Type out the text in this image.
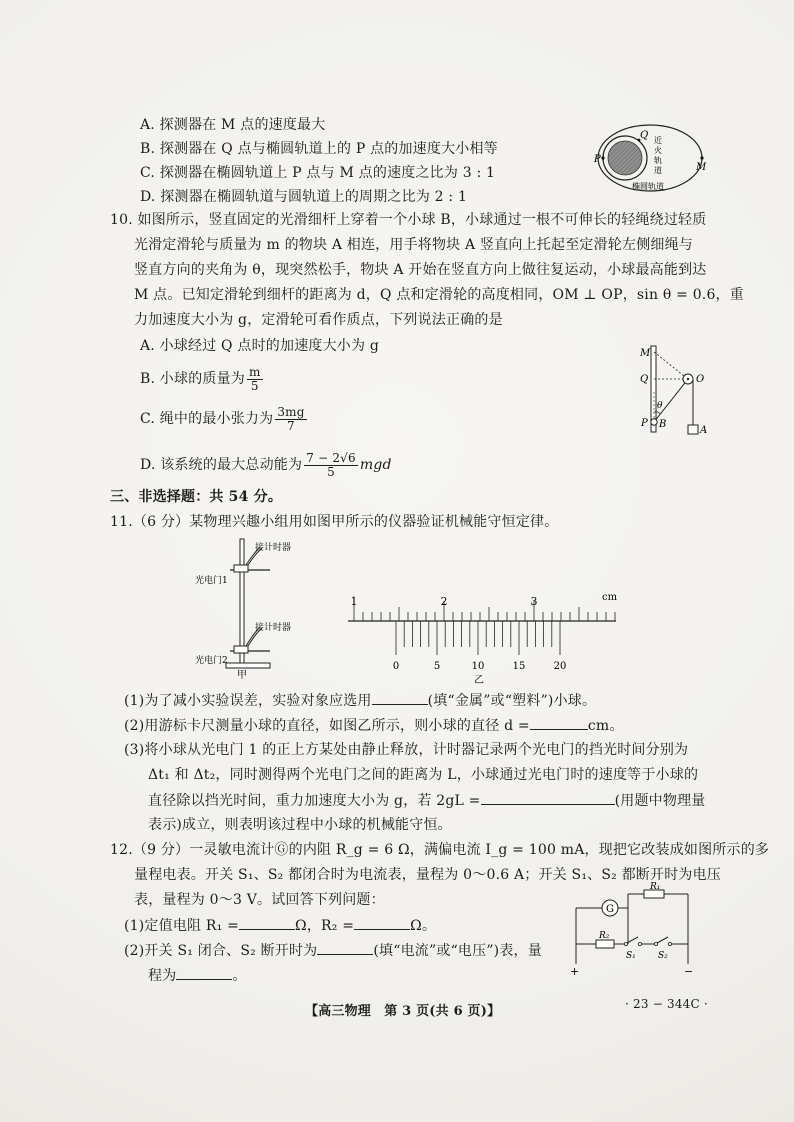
A. 探测器在 M 点的速度最大
B. 探测器在 Q 点与椭圆轨道上的 P 点的加速度大小相等
C. 探测器在椭圆轨道上 P 点与 M 点的速度之比为 3 : 1
D. 探测器在椭圆轨道与圆轨道上的周期之比为 2 : 1
P
M
Q 近
火
轨
道
椭圆轨道
10. 如图所示，竖直固定的光滑细杆上穿着一个小球 B，小球通过一根不可伸长的轻绳绕过轻质
光滑定滑轮与质量为 m 的物块 A 相连，用手将物块 A 竖直向上托起至定滑轮左侧细绳与
竖直方向的夹角为 θ，现突然松手，物块 A 开始在竖直方向上做往复运动，小球最高能到达
M 点。已知定滑轮到细杆的距离为 d，Q 点和定滑轮的高度相同，OM ⊥ OP，sin θ = 0.6，重
力加速度大小为 g，定滑轮可看作质点，下列说法正确的是
A. 小球经过 Q 点时的加速度大小为 g
B. 小球的质量为 $\frac{m}{5}$
C. 绳中的最小张力为 $\frac{3mg}{7}$
D. 该系统的最大总动能为 $\frac{7 - 2√6}{5}$ mgd
M
Q	O
θ
P B
A
三、非选择题：共 54 分。
11.（6 分）某物理兴趣小组用如图甲所示的仪器验证机械能守恒定律。
接计时器
光电门1
接计时器
光电门2
甲
cm
1	2	3
0	5	10	15	20
乙
(1)为了减小实验误差，实验对象应选用	(填“金属”或“塑料”)小球。
(2)用游标卡尺测量小球的直径，如图乙所示，则小球的直径 d =	cm。
(3)将小球从光电门 1 的正上方某处由静止释放，计时器记录两个光电门的挡光时间分别为
Δt₁ 和 Δt₂，同时测得两个光电门之间的距离为 L，小球通过光电门时的速度等于小球的
直径除以挡光时间，重力加速度大小为 g，若 2gL =	(用题中物理量
表示)成立，则表明该过程中小球的机械能守恒。
12.（9 分）一灵敏电流计Ⓖ的内阻 R_g = 6 Ω，满偏电流 I_g = 100 mA，现把它改装成如图所示的多
量程电表。开关 S₁、S₂ 都闭合时为电流表，量程为 0～0.6 A；开关 S₁、S₂ 都断开时为电压
表，量程为 0～3 V。试回答下列问题：
(1)定值电阻 R₁ =	Ω，R₂ =	Ω。
(2)开关 S₁ 闭合、S₂ 断开时为	(填“电流”或“电压”)表，量
程为	。
G
R₁
R₂
S₁ S₂
+	−
【高三物理　第 3 页(共 6 页)】	· 23 − 344C ·
